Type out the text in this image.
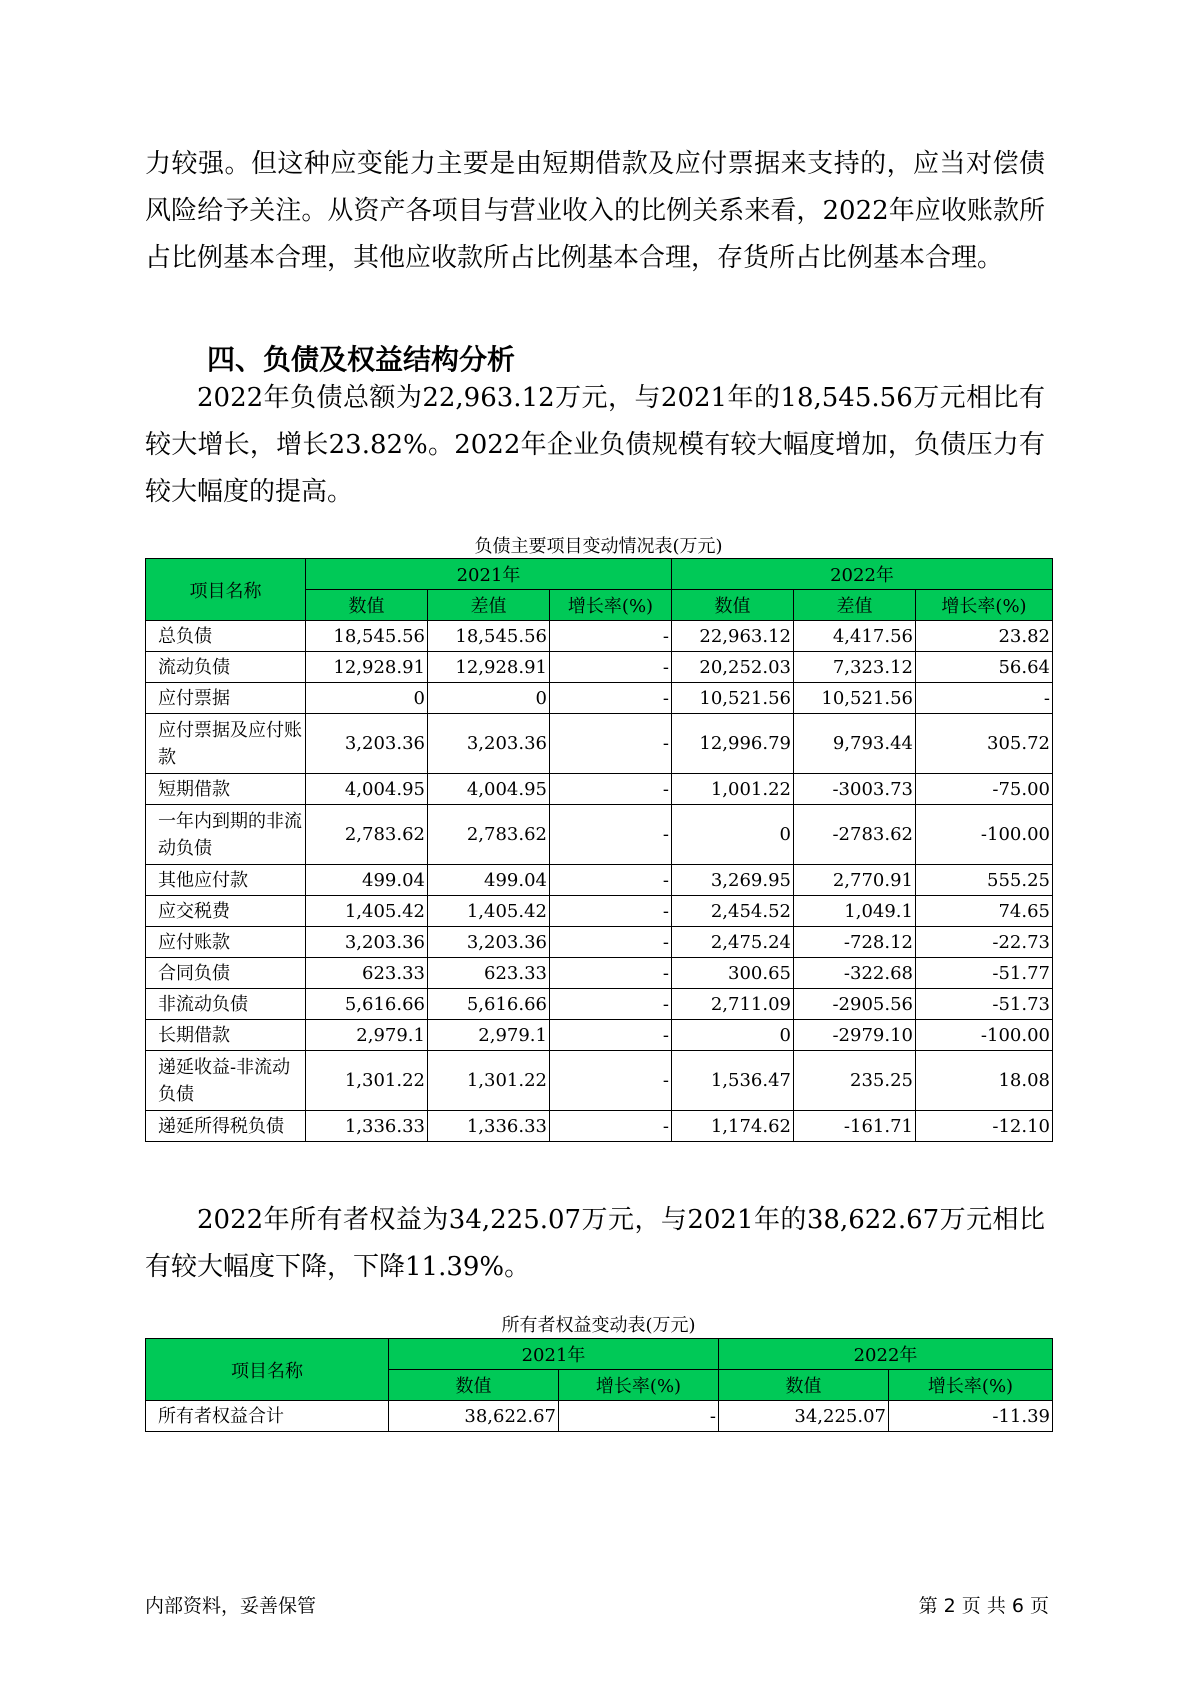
力较强。但这种应变能力主要是由短期借款及应付票据来支持的，应当对偿债风险给予关注。从资产各项目与营业收入的比例关系来看，2022年应收账款所占比例基本合理，其他应收款所占比例基本合理，存货所占比例基本合理。

四、负债及权益结构分析

2022年负债总额为22,963.12万元，与2021年的18,545.56万元相比有较大增长，增长23.82%。2022年企业负债规模有较大幅度增加，负债压力有较大幅度的提高。

负债主要项目变动情况表(万元)
项目名称	2021年			2022年		
	数值	差值	增长率(%)	数值	差值	增长率(%)
总负债	18,545.56	18,545.56	-	22,963.12	4,417.56	23.82
流动负债	12,928.91	12,928.91	-	20,252.03	7,323.12	56.64
应付票据	0	0	-	10,521.56	10,521.56	-
应付票据及应付账款	3,203.36	3,203.36	-	12,996.79	9,793.44	305.72
短期借款	4,004.95	4,004.95	-	1,001.22	-3003.73	-75.00
一年内到期的非流动负债	2,783.62	2,783.62	-	0	-2783.62	-100.00
其他应付款	499.04	499.04	-	3,269.95	2,770.91	555.25
应交税费	1,405.42	1,405.42	-	2,454.52	1,049.1	74.65
应付账款	3,203.36	3,203.36	-	2,475.24	-728.12	-22.73
合同负债	623.33	623.33	-	300.65	-322.68	-51.77
非流动负债	5,616.66	5,616.66	-	2,711.09	-2905.56	-51.73
长期借款	2,979.1	2,979.1	-	0	-2979.10	-100.00
递延收益-非流动负债	1,301.22	1,301.22	-	1,536.47	235.25	18.08
递延所得税负债	1,336.33	1,336.33	-	1,174.62	-161.71	-12.10

2022年所有者权益为34,225.07万元，与2021年的38,622.67万元相比有较大幅度下降，下降11.39%。

所有者权益变动表(万元)
项目名称	2021年		2022年	
	数值	增长率(%)	数值	增长率(%)
所有者权益合计	38,622.67	-	34,225.07	-11.39
内部资料，妥善保管	第 2 页 共 6 页
